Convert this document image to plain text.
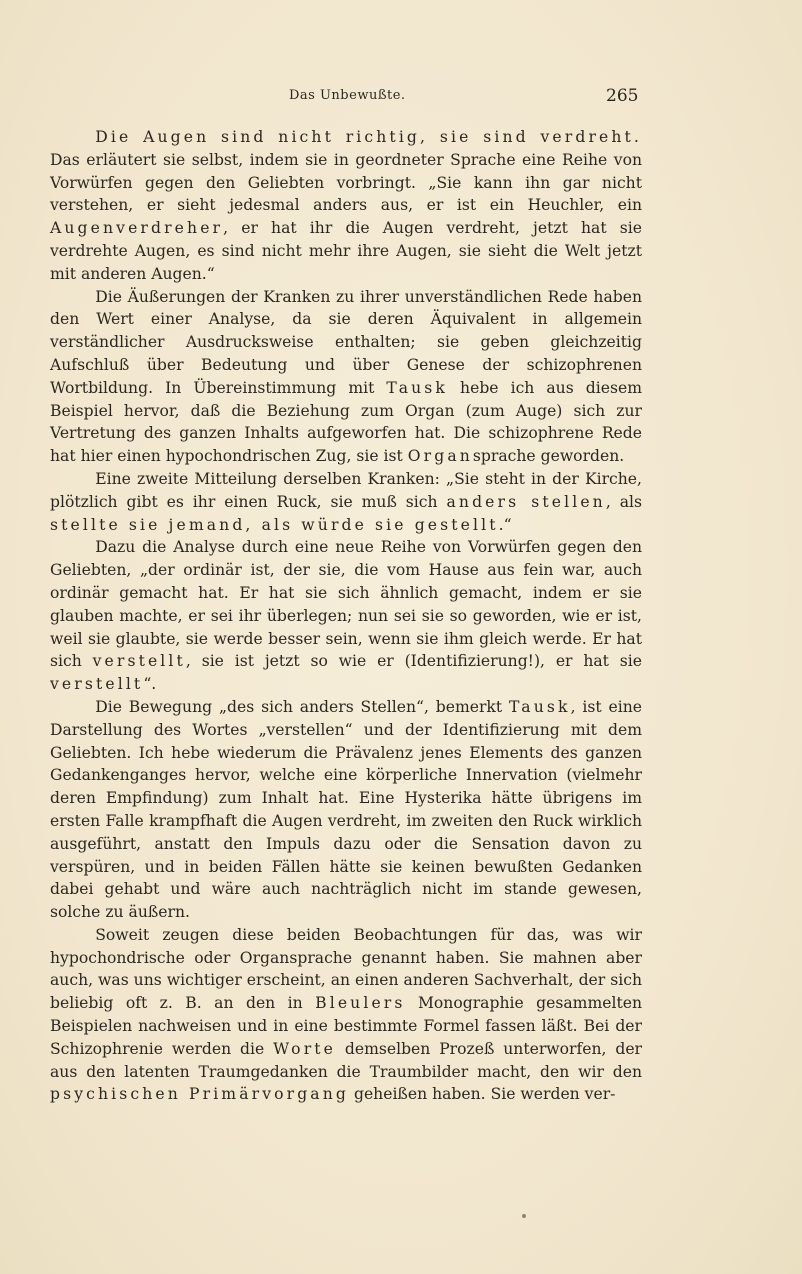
Das Unbewußte.	265

Die Augen sind nicht richtig, sie sind verdreht. Das erläutert sie selbst, indem sie in geordneter Sprache eine Reihe von Vorwürfen gegen den Geliebten vorbringt. „Sie kann ihn gar nicht verstehen, er sieht jedesmal anders aus, er ist ein Heuchler, ein Augenverdreher, er hat ihr die Augen verdreht, jetzt hat sie verdrehte Augen, es sind nicht mehr ihre Augen, sie sieht die Welt jetzt mit anderen Augen.“

Die Äußerungen der Kranken zu ihrer unverständlichen Rede haben den Wert einer Analyse, da sie deren Äquivalent in allgemein verständlicher Ausdrucksweise enthalten; sie geben gleichzeitig Aufschluß über Bedeutung und über Genese der schizophrenen Wortbildung. In Übereinstimmung mit Tausk hebe ich aus diesem Beispiel hervor, daß die Beziehung zum Organ (zum Auge) sich zur Vertretung des ganzen Inhalts aufgeworfen hat. Die schizophrene Rede hat hier einen hypochondrischen Zug, sie ist Organsprache geworden.

Eine zweite Mitteilung derselben Kranken: „Sie steht in der Kirche, plötzlich gibt es ihr einen Ruck, sie muß sich anders stellen, als stellte sie jemand, als würde sie gestellt.“

Dazu die Analyse durch eine neue Reihe von Vorwürfen gegen den Geliebten, „der ordinär ist, der sie, die vom Hause aus fein war, auch ordinär gemacht hat. Er hat sie sich ähnlich gemacht, indem er sie glauben machte, er sei ihr überlegen; nun sei sie so geworden, wie er ist, weil sie glaubte, sie werde besser sein, wenn sie ihm gleich werde. Er hat sich verstellt, sie ist jetzt so wie er (Identifizierung!), er hat sie verstellt“.

Die Bewegung „des sich anders Stellen“, bemerkt Tausk, ist eine Darstellung des Wortes „verstellen“ und der Identifizierung mit dem Geliebten. Ich hebe wiederum die Prävalenz jenes Elements des ganzen Gedankenganges hervor, welche eine körperliche Innervation (vielmehr deren Empfindung) zum Inhalt hat. Eine Hysterika hätte übrigens im ersten Falle krampfhaft die Augen verdreht, im zweiten den Ruck wirklich ausgeführt, anstatt den Impuls dazu oder die Sensation davon zu verspüren, und in beiden Fällen hätte sie keinen bewußten Gedanken dabei gehabt und wäre auch nachträglich nicht im stande gewesen, solche zu äußern.

Soweit zeugen diese beiden Beobachtungen für das, was wir hypochondrische oder Organsprache genannt haben. Sie mahnen aber auch, was uns wichtiger erscheint, an einen anderen Sachverhalt, der sich beliebig oft z. B. an den in Bleulers Monographie gesammelten Beispielen nachweisen und in eine bestimmte Formel fassen läßt. Bei der Schizophrenie werden die Worte demselben Prozeß unterworfen, der aus den latenten Traumgedanken die Traumbilder macht, den wir den psychischen Primärvorgang geheißen haben. Sie werden ver-
